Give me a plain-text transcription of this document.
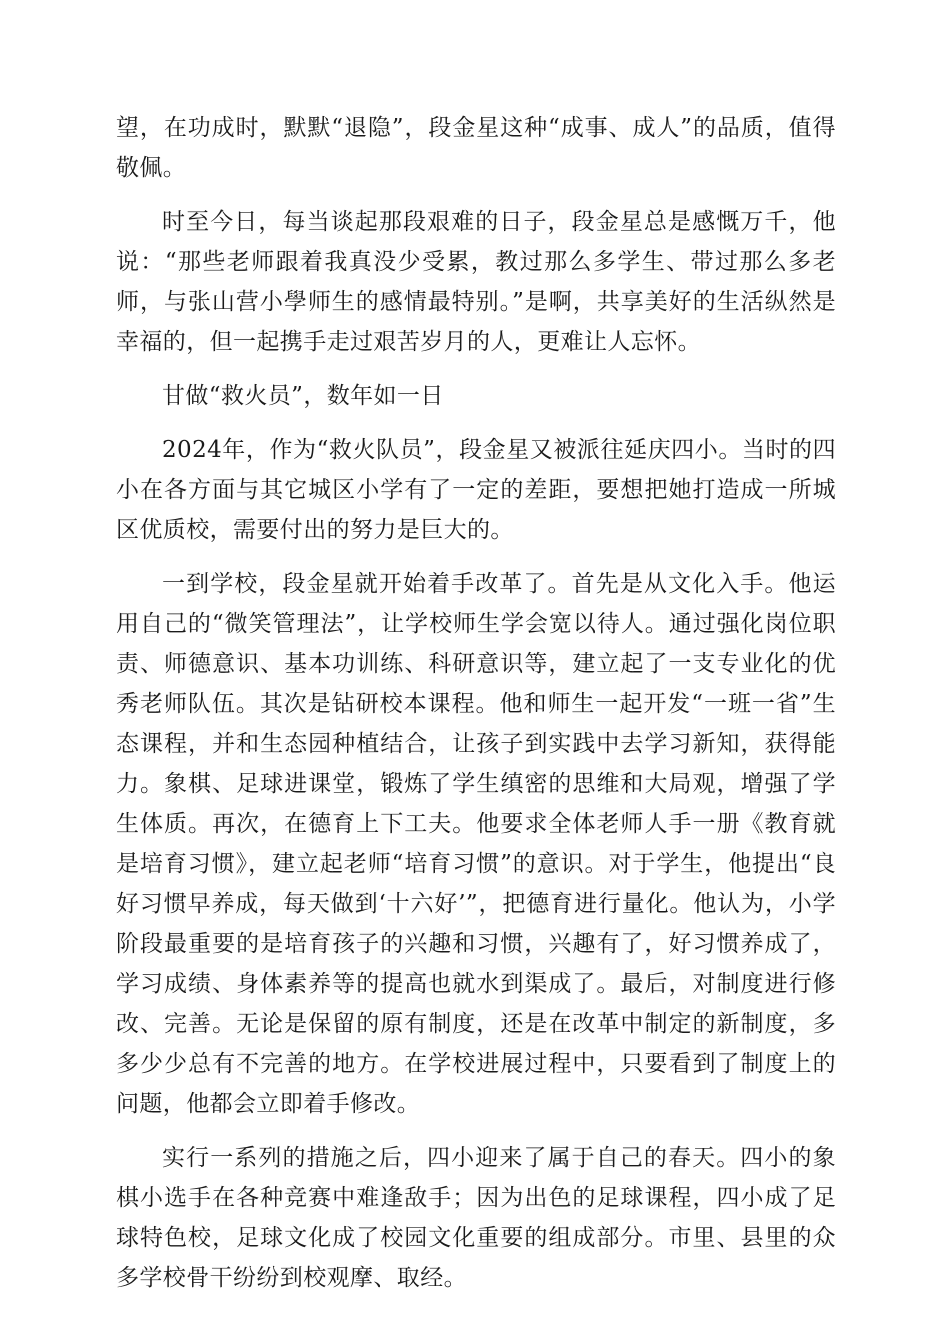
望，在功成时，默默“退隐”，段金星这种“成事、成人”的品质，值得敬佩。

时至今日，每当谈起那段艰难的日子，段金星总是感慨万千，他说：“那些老师跟着我真没少受累，教过那么多学生、带过那么多老师，与张山营小學师生的感情最特别。”是啊，共享美好的生活纵然是幸福的，但一起携手走过艰苦岁月的人，更难让人忘怀。

甘做“救火员”，数年如一日

2024年，作为“救火队员”，段金星又被派往延庆四小。当时的四小在各方面与其它城区小学有了一定的差距，要想把她打造成一所城区优质校，需要付出的努力是巨大的。

一到学校，段金星就开始着手改革了。首先是从文化入手。他运用自己的“微笑管理法”，让学校师生学会宽以待人。通过强化岗位职责、师德意识、基本功训练、科研意识等，建立起了一支专业化的优秀老师队伍。其次是钻研校本课程。他和师生一起开发“一班一省”生态课程，并和生态园种植结合，让孩子到实践中去学习新知，获得能力。象棋、足球进课堂，锻炼了学生缜密的思维和大局观，增强了学生体质。再次，在德育上下工夫。他要求全体老师人手一册《教育就是培育习惯》，建立起老师“培育习惯”的意识。对于学生，他提出“良好习惯早养成，每天做到‘十六好’”，把德育进行量化。他认为，小学阶段最重要的是培育孩子的兴趣和习惯，兴趣有了，好习惯养成了，学习成绩、身体素养等的提高也就水到渠成了。最后，对制度进行修改、完善。无论是保留的原有制度，还是在改革中制定的新制度，多多少少总有不完善的地方。在学校进展过程中，只要看到了制度上的问题，他都会立即着手修改。

实行一系列的措施之后，四小迎来了属于自己的春天。四小的象棋小选手在各种竞赛中难逢敌手；因为出色的足球课程，四小成了足球特色校，足球文化成了校园文化重要的组成部分。市里、县里的众多学校骨干纷纷到校观摩、取经。
